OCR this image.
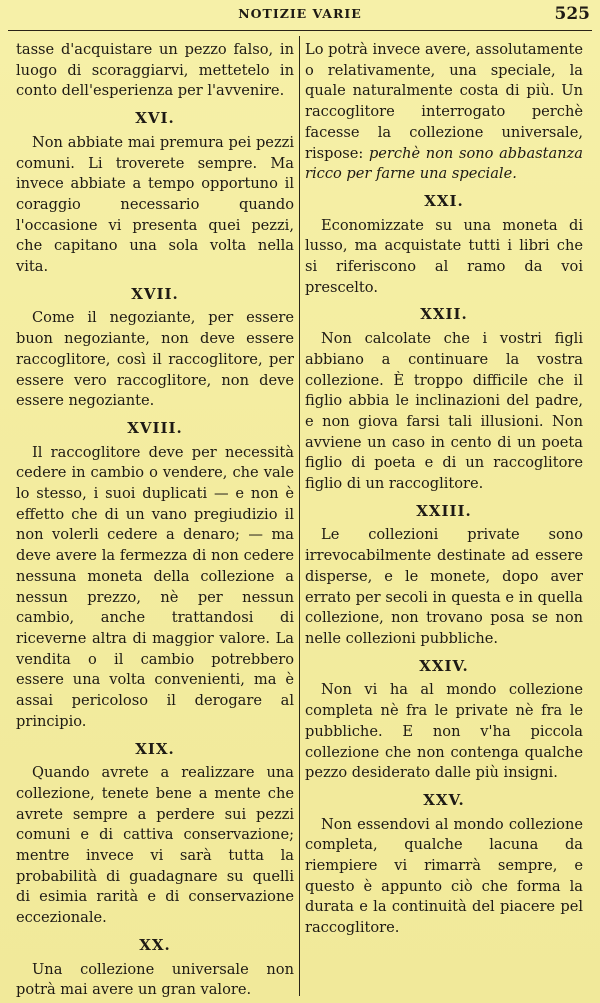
NOTIZIE VARIE	525

tasse d'acquistare un pezzo falso, in luogo di scoraggiarvi, mettetelo in conto dell'esperienza per l'avvenire.

XVI.

Non abbiate mai premura pei pezzi comuni. Li troverete sempre. Ma invece abbiate a tempo opportuno il coraggio necessario quando l'occasione vi presenta quei pezzi, che capitano una sola volta nella vita.

XVII.

Come il negoziante, per essere buon negoziante, non deve essere raccoglitore, così il raccoglitore, per essere vero raccoglitore, non deve essere negoziante.

XVIII.

Il raccoglitore deve per necessità cedere in cambio o vendere, che vale lo stesso, i suoi duplicati — e non è effetto che di un vano pregiudizio il non volerli cedere a denaro; — ma deve avere la fermezza di non cedere nessuna moneta della collezione a nessun prezzo, nè per nessun cambio, anche trattandosi di riceverne altra di maggior valore. La vendita o il cambio potrebbero essere una volta convenienti, ma è assai pericoloso il derogare al principio.

XIX.

Quando avrete a realizzare una collezione, tenete bene a mente che avrete sempre a perdere sui pezzi comuni e di cattiva conservazione; mentre invece vi sarà tutta la probabilità di guadagnare su quelli di esimia rarità e di conservazione eccezionale.

XX.

Una collezione universale non potrà mai avere un gran valore.

Lo potrà invece avere, assolutamente o relativamente, una speciale, la quale naturalmente costa di più. Un raccoglitore interrogato perchè facesse la collezione universale, rispose: perchè non sono abbastanza ricco per farne una speciale.

XXI.

Economizzate su una moneta di lusso, ma acquistate tutti i libri che si riferiscono al ramo da voi prescelto.

XXII.

Non calcolate che i vostri figli abbiano a continuare la vostra collezione. È troppo difficile che il figlio abbia le inclinazioni del padre, e non giova farsi tali illusioni. Non avviene un caso in cento di un poeta figlio di poeta e di un raccoglitore figlio di un raccoglitore.

XXIII.

Le collezioni private sono irrevocabilmente destinate ad essere disperse, e le monete, dopo aver errato per secoli in questa e in quella collezione, non trovano posa se non nelle collezioni pubbliche.

XXIV.

Non vi ha al mondo collezione completa nè fra le private nè fra le pubbliche. E non v'ha piccola collezione che non contenga qualche pezzo desiderato dalle più insigni.

XXV.

Non essendovi al mondo collezione completa, qualche lacuna da riempiere vi rimarrà sempre, e questo è appunto ciò che forma la durata e la continuità del piacere pel raccoglitore.
